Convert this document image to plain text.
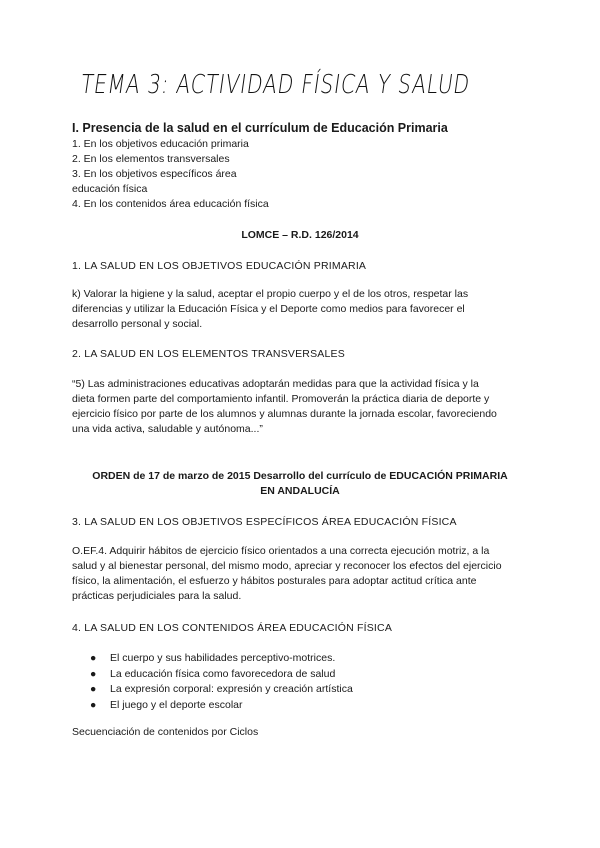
TEMA 3: ACTIVIDAD FÍSICA Y SALUD
I. Presencia de la salud en el currículum de Educación Primaria
1. En los objetivos educación primaria
2. En los elementos transversales
3. En los objetivos específicos área
educación física
4. En los contenidos área educación física
LOMCE – R.D. 126/2014
1. LA SALUD EN LOS OBJETIVOS EDUCACIÓN PRIMARIA
k) Valorar la higiene y la salud, aceptar el propio cuerpo y el de los otros, respetar las
diferencias y utilizar la Educación Física y el Deporte como medios para favorecer el
desarrollo personal y social.
2. LA SALUD EN LOS ELEMENTOS TRANSVERSALES
“5) Las administraciones educativas adoptarán medidas para que la actividad física y la
dieta formen parte del comportamiento infantil. Promoverán la práctica diaria de deporte y
ejercicio físico por parte de los alumnos y alumnas durante la jornada escolar, favoreciendo
una vida activa, saludable y autónoma...”
ORDEN de 17 de marzo de 2015 Desarrollo del currículo de EDUCACIÓN PRIMARIA
EN ANDALUCÍA
3. LA SALUD EN LOS OBJETIVOS ESPECÍFICOS ÁREA EDUCACIÓN FÍSICA
O.EF.4. Adquirir hábitos de ejercicio físico orientados a una correcta ejecución motriz, a la
salud y al bienestar personal, del mismo modo, apreciar y reconocer los efectos del ejercicio
físico, la alimentación, el esfuerzo y hábitos posturales para adoptar actitud crítica ante
prácticas perjudiciales para la salud.
4. LA SALUD EN LOS CONTENIDOS ÁREA EDUCACIÓN FÍSICA
● El cuerpo y sus habilidades perceptivo-motrices.
● La educación física como favorecedora de salud
● La expresión corporal: expresión y creación artística
● El juego y el deporte escolar
Secuenciación de contenidos por Ciclos
